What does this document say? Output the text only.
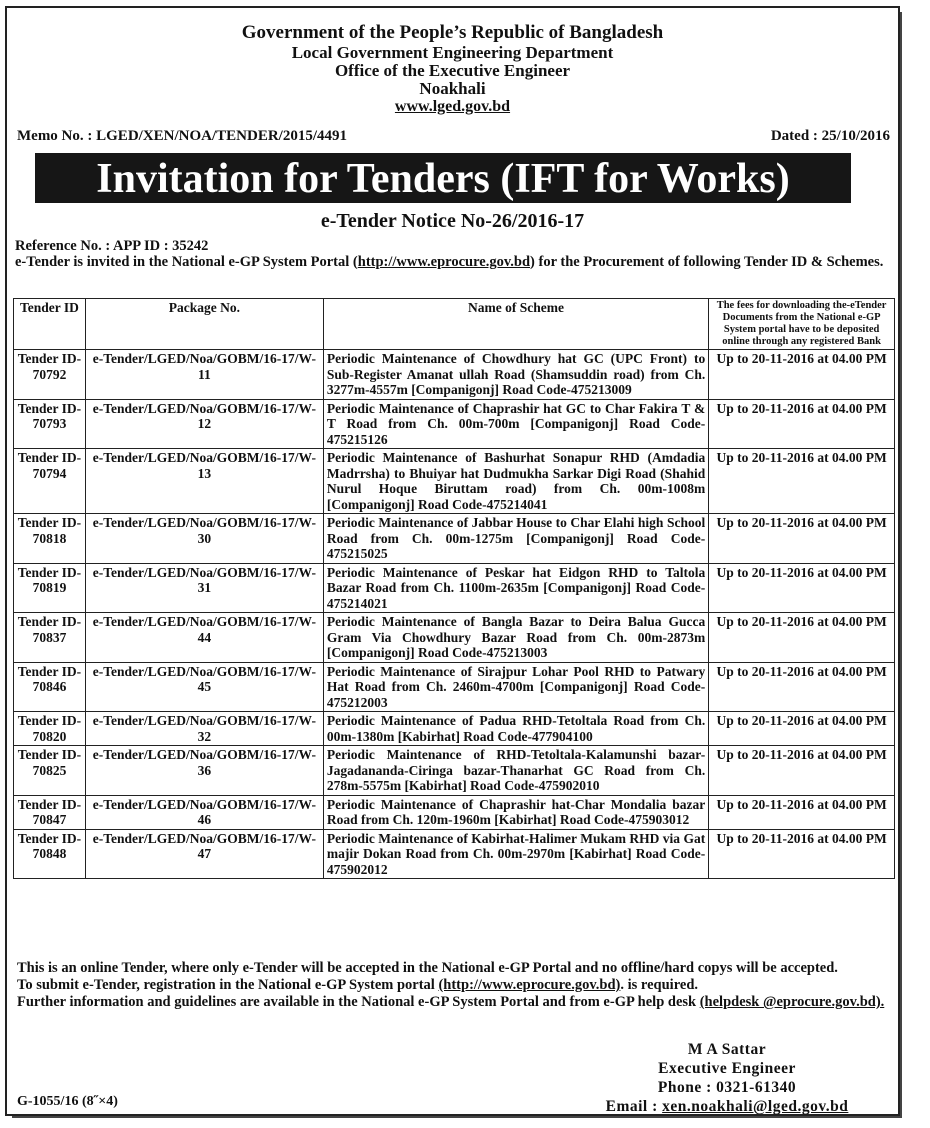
Government of the People’s Republic of Bangladesh
Local Government Engineering Department
Office of the Executive Engineer
Noakhali
www.lged.gov.bd
Memo No. : LGED/XEN/NOA/TENDER/2015/4491	Dated : 25/10/2016
Invitation for Tenders (IFT for Works)
e-Tender Notice No-26/2016-17
Reference No. : APP ID : 35242
e-Tender is invited in the National e-GP System Portal (http://www.eprocure.gov.bd) for the Procurement of following Tender ID & Schemes.
Tender ID	Package No.	Name of Scheme	The fees for downloading the-eTender Documents from the National e-GP System portal have to be deposited online through any registered Bank
Tender ID-70792	e-Tender/LGED/Noa/GOBM/16-17/W-11	Periodic Maintenance of Chowdhury hat GC (UPC Front) to Sub-Register Amanat ullah Road (Shamsuddin road) from Ch. 3277m-4557m [Companigonj] Road Code-475213009	Up to 20-11-2016 at 04.00 PM
Tender ID-70793	e-Tender/LGED/Noa/GOBM/16-17/W-12	Periodic Maintenance of Chaprashir hat GC to Char Fakira T & T Road from Ch. 00m-700m [Companigonj] Road Code-475215126	Up to 20-11-2016 at 04.00 PM
Tender ID-70794	e-Tender/LGED/Noa/GOBM/16-17/W-13	Periodic Maintenance of Bashurhat Sonapur RHD (Amdadia Madrrsha) to Bhuiyar hat Dudmukha Sarkar Digi Road (Shahid Nurul Hoque Biruttam road) from Ch. 00m-1008m [Companigonj] Road Code-475214041	Up to 20-11-2016 at 04.00 PM
Tender ID-70818	e-Tender/LGED/Noa/GOBM/16-17/W-30	Periodic Maintenance of Jabbar House to Char Elahi high School Road from Ch. 00m-1275m [Companigonj] Road Code-475215025	Up to 20-11-2016 at 04.00 PM
Tender ID-70819	e-Tender/LGED/Noa/GOBM/16-17/W-31	Periodic Maintenance of Peskar hat Eidgon RHD to Taltola Bazar Road from Ch. 1100m-2635m [Companigonj] Road Code-475214021	Up to 20-11-2016 at 04.00 PM
Tender ID-70837	e-Tender/LGED/Noa/GOBM/16-17/W-44	Periodic Maintenance of Bangla Bazar to Deira Balua Gucca Gram Via Chowdhury Bazar Road from Ch. 00m-2873m [Companigonj] Road Code-475213003	Up to 20-11-2016 at 04.00 PM
Tender ID-70846	e-Tender/LGED/Noa/GOBM/16-17/W-45	Periodic Maintenance of Sirajpur Lohar Pool RHD to Patwary Hat Road from Ch. 2460m-4700m [Companigonj] Road Code-475212003	Up to 20-11-2016 at 04.00 PM
Tender ID-70820	e-Tender/LGED/Noa/GOBM/16-17/W-32	Periodic Maintenance of Padua RHD-Tetoltala Road from Ch. 00m-1380m [Kabirhat] Road Code-477904100	Up to 20-11-2016 at 04.00 PM
Tender ID-70825	e-Tender/LGED/Noa/GOBM/16-17/W-36	Periodic Maintenance of RHD-Tetoltala-Kalamunshi bazar-Jagadananda-Ciringa bazar-Thanarhat GC Road from Ch. 278m-5575m [Kabirhat] Road Code-475902010	Up to 20-11-2016 at 04.00 PM
Tender ID-70847	e-Tender/LGED/Noa/GOBM/16-17/W-46	Periodic Maintenance of Chaprashir hat-Char Mondalia bazar Road from Ch. 120m-1960m [Kabirhat] Road Code-475903012	Up to 20-11-2016 at 04.00 PM
Tender ID-70848	e-Tender/LGED/Noa/GOBM/16-17/W-47	Periodic Maintenance of Kabirhat-Halimer Mukam RHD via Gat majir Dokan Road from Ch. 00m-2970m [Kabirhat] Road Code-475902012	Up to 20-11-2016 at 04.00 PM
This is an online Tender, where only e-Tender will be accepted in the National e-GP Portal and no offline/hard copys will be accepted.
To submit e-Tender, registration in the National e-GP System portal (http://www.eprocure.gov.bd). is required.
Further information and guidelines are available in the National e-GP System Portal and from e-GP help desk (helpdesk @eprocure.gov.bd).
M A Sattar
Executive Engineer
Phone : 0321-61340
Email : xen.noakhali@lged.gov.bd
G-1055/16 (8˝×4)
